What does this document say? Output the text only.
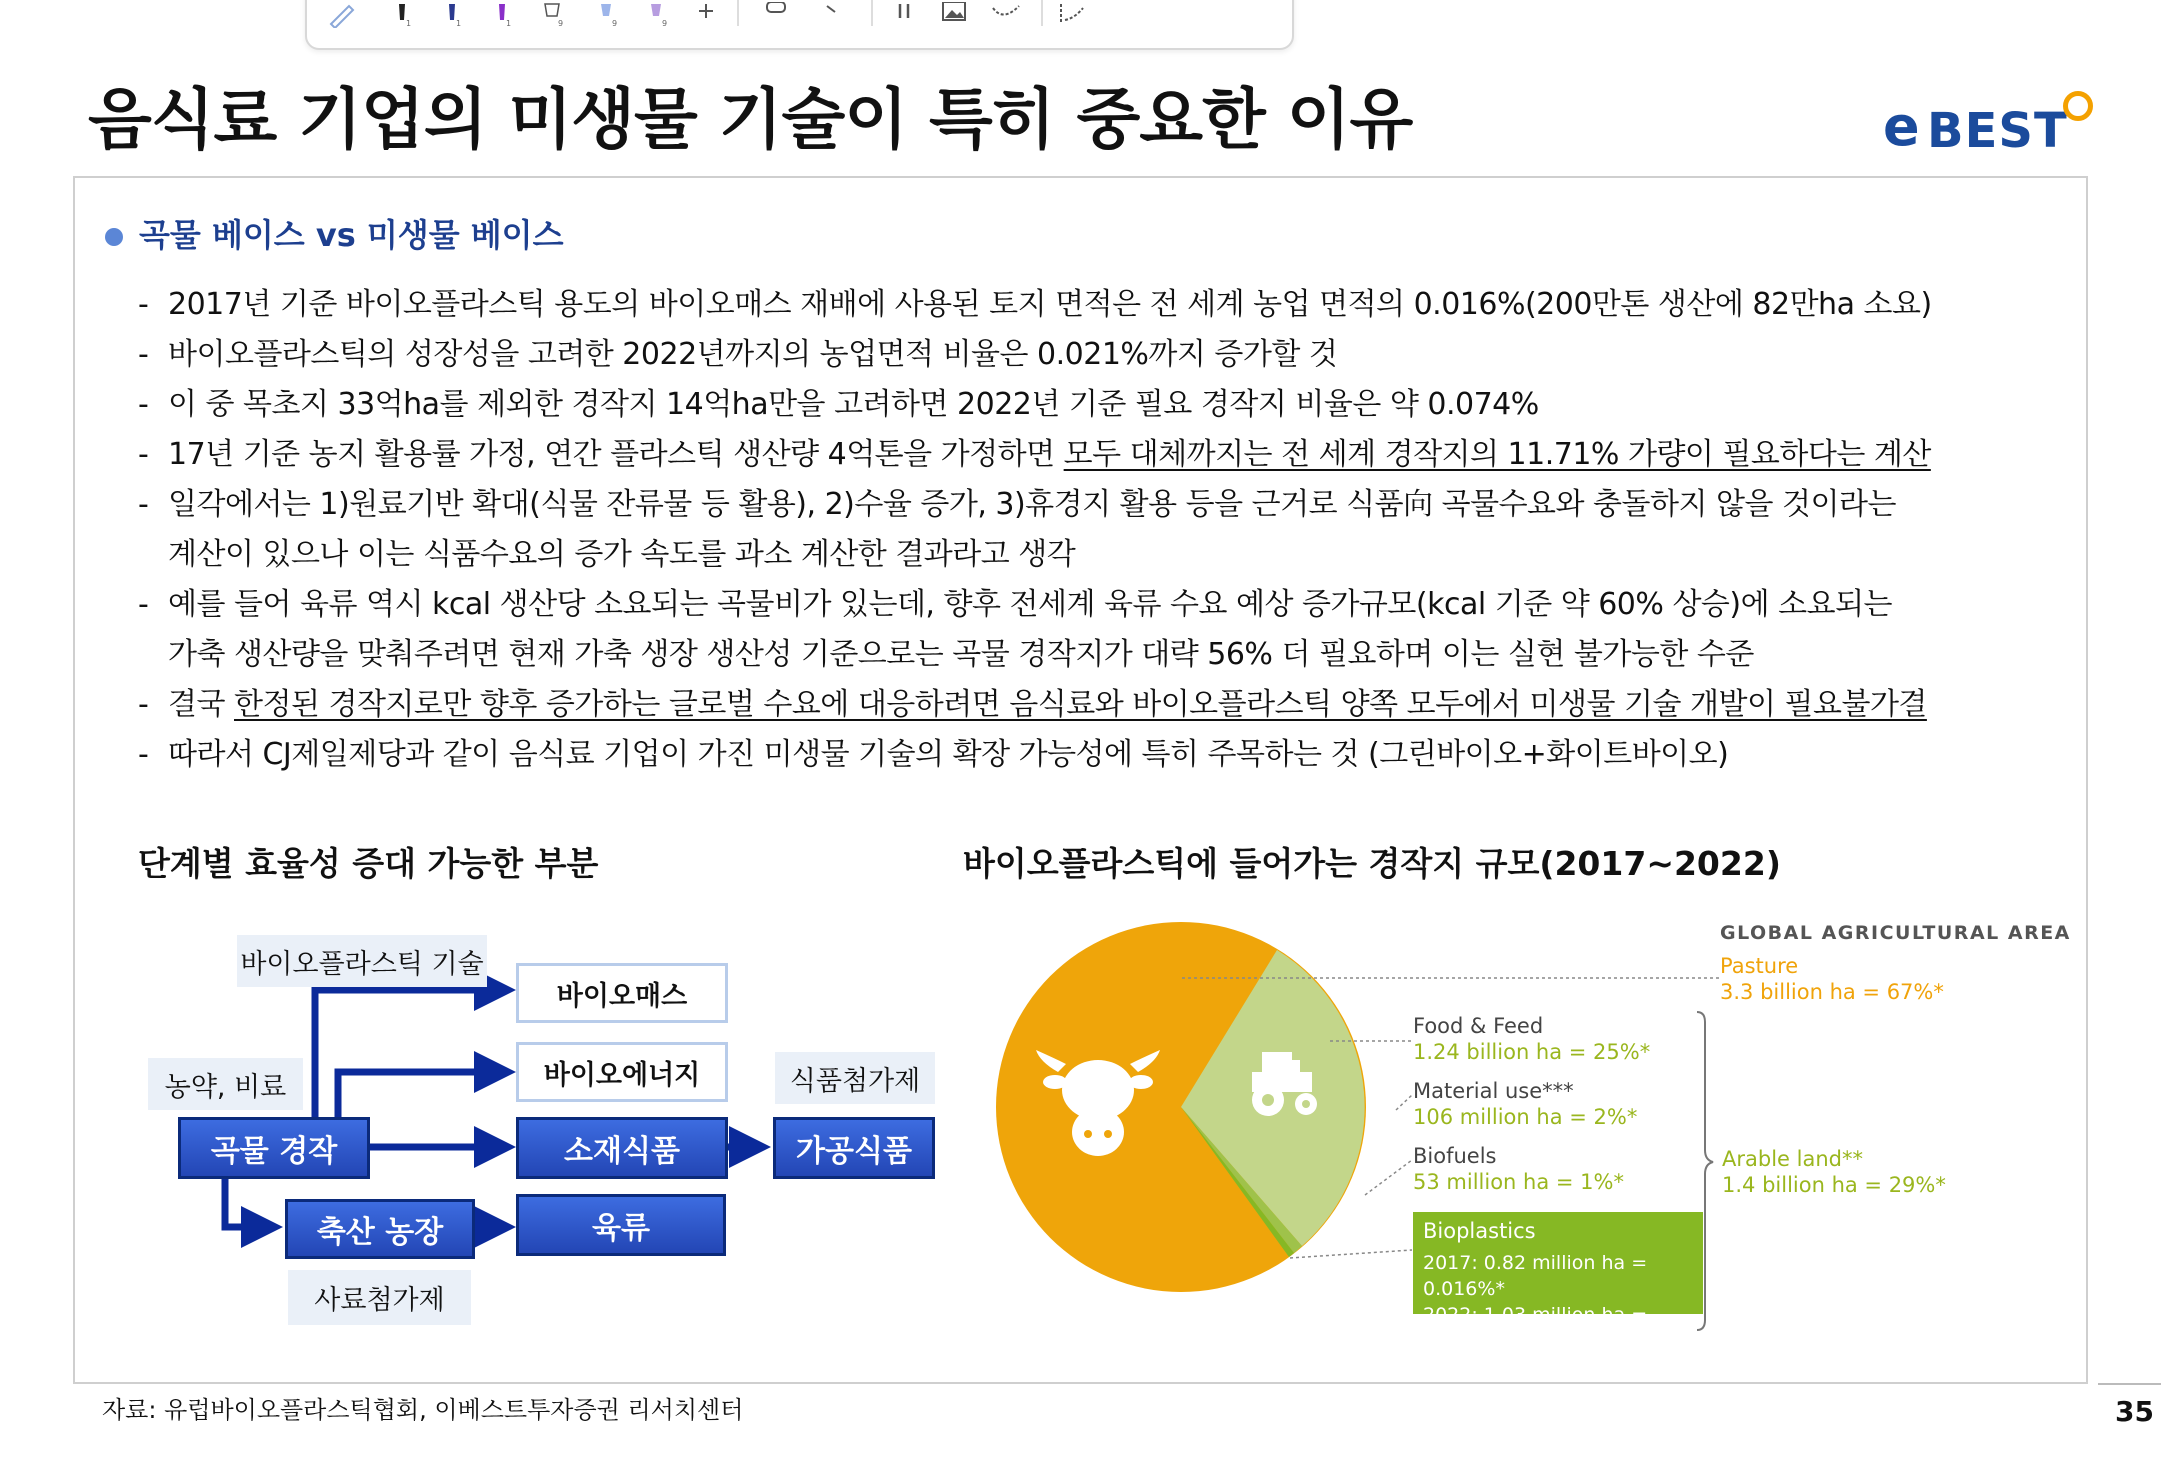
1	1	1	9	9	9
음식료 기업의 미생물 기술이 특히 중요한 이유	e BEST
곡물 베이스 vs 미생물 베이스
- 2017년 기준 바이오플라스틱 용도의 바이오매스 재배에 사용된 토지 면적은 전 세계 농업 면적의 0.016%(200만톤 생산에 82만ha 소요)
- 바이오플라스틱의 성장성을 고려한 2022년까지의 농업면적 비율은 0.021%까지 증가할 것
- 이 중 목초지 33억ha를 제외한 경작지 14억ha만을 고려하면 2022년 기준 필요 경작지 비율은 약 0.074%
- 17년 기준 농지 활용률 가정, 연간 플라스틱 생산량 4억톤을 가정하면 모두 대체까지는 전 세계 경작지의 11.71% 가량이 필요하다는 계산
- 일각에서는 1)원료기반 확대(식물 잔류물 등 활용), 2)수율 증가, 3)휴경지 활용 등을 근거로 식품向 곡물수요와 충돌하지 않을 것이라는
계산이 있으나 이는 식품수요의 증가 속도를 과소 계산한 결과라고 생각
- 예를 들어 육류 역시 kcal 생산당 소요되는 곡물비가 있는데, 향후 전세계 육류 수요 예상 증가규모(kcal 기준 약 60% 상승)에 소요되는
가축 생산량을 맞춰주려면 현재 가축 생장 생산성 기준으로는 곡물 경작지가 대략 56% 더 필요하며 이는 실현 불가능한 수준
- 결국 한정된 경작지로만 향후 증가하는 글로벌 수요에 대응하려면 음식료와 바이오플라스틱 양쪽 모두에서 미생물 기술 개발이 필요불가결
- 따라서 CJ제일제당과 같이 음식료 기업이 가진 미생물 기술의 확장 가능성에 특히 주목하는 것 (그린바이오+화이트바이오)
단계별 효율성 증대 가능한 부분
바이오플라스틱 기술
농약, 비료	식품첨가제
사료첨가제
바이오매스
바이오에너지
곡물 경작	소재식품	가공식품
축산 농장	육류
바이오플라스틱에 들어가는 경작지 규모(2017~2022)
GLOBAL AGRICULTURAL AREA
Pasture
3.3 billion ha = 67%*
Food & Feed
1.24 billion ha = 25%*
Material use***
106 million ha = 2%*
Biofuels
53 million ha = 1%*
Arable land**
1.4 billion ha = 29%*
Bioplastics
2017: 0.82 million ha = 0.016%*
2022: 1.03 million ha = 0.021%*
자료: 유럽바이오플라스틱협회, 이베스트투자증권 리서치센터	35
